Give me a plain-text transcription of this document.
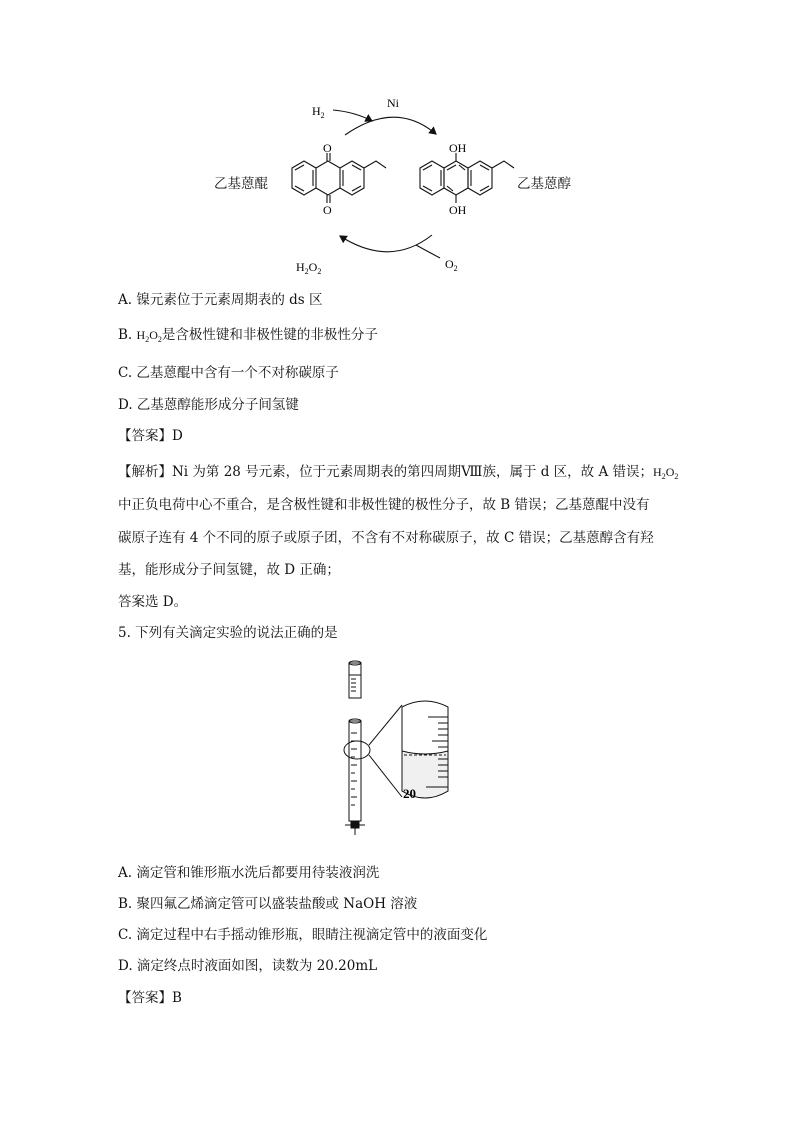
$H_2$
Ni
$H_2O_2$
$O_2$
O
O
OH
OH
乙基蒽醌	乙基蒽醇
A. 镍元素位于元素周期表的 ds 区
B. $H_2O_2$是含极性键和非极性键的非极性分子
C. 乙基蒽醌中含有一个不对称碳原子
D. 乙基蒽醇能形成分子间氢键
【答案】D
【解析】Ni 为第 28 号元素，位于元素周期表的第四周期Ⅷ族，属于 d 区，故 A 错误；$H_2O_2$
中正负电荷中心不重合，是含极性键和非极性键的极性分子，故 B 错误；乙基蒽醌中没有
碳原子连有 4 个不同的原子或原子团，不含有不对称碳原子，故 C 错误；乙基蒽醇含有羟
基，能形成分子间氢键，故 D 正确；
答案选 D。
5. 下列有关滴定实验的说法正确的是
20
A. 滴定管和锥形瓶水洗后都要用待装液润洗
B. 聚四氟乙烯滴定管可以盛装盐酸或 NaOH 溶液
C. 滴定过程中右手摇动锥形瓶，眼睛注视滴定管中的液面变化
D. 滴定终点时液面如图，读数为 20.20mL
【答案】B
